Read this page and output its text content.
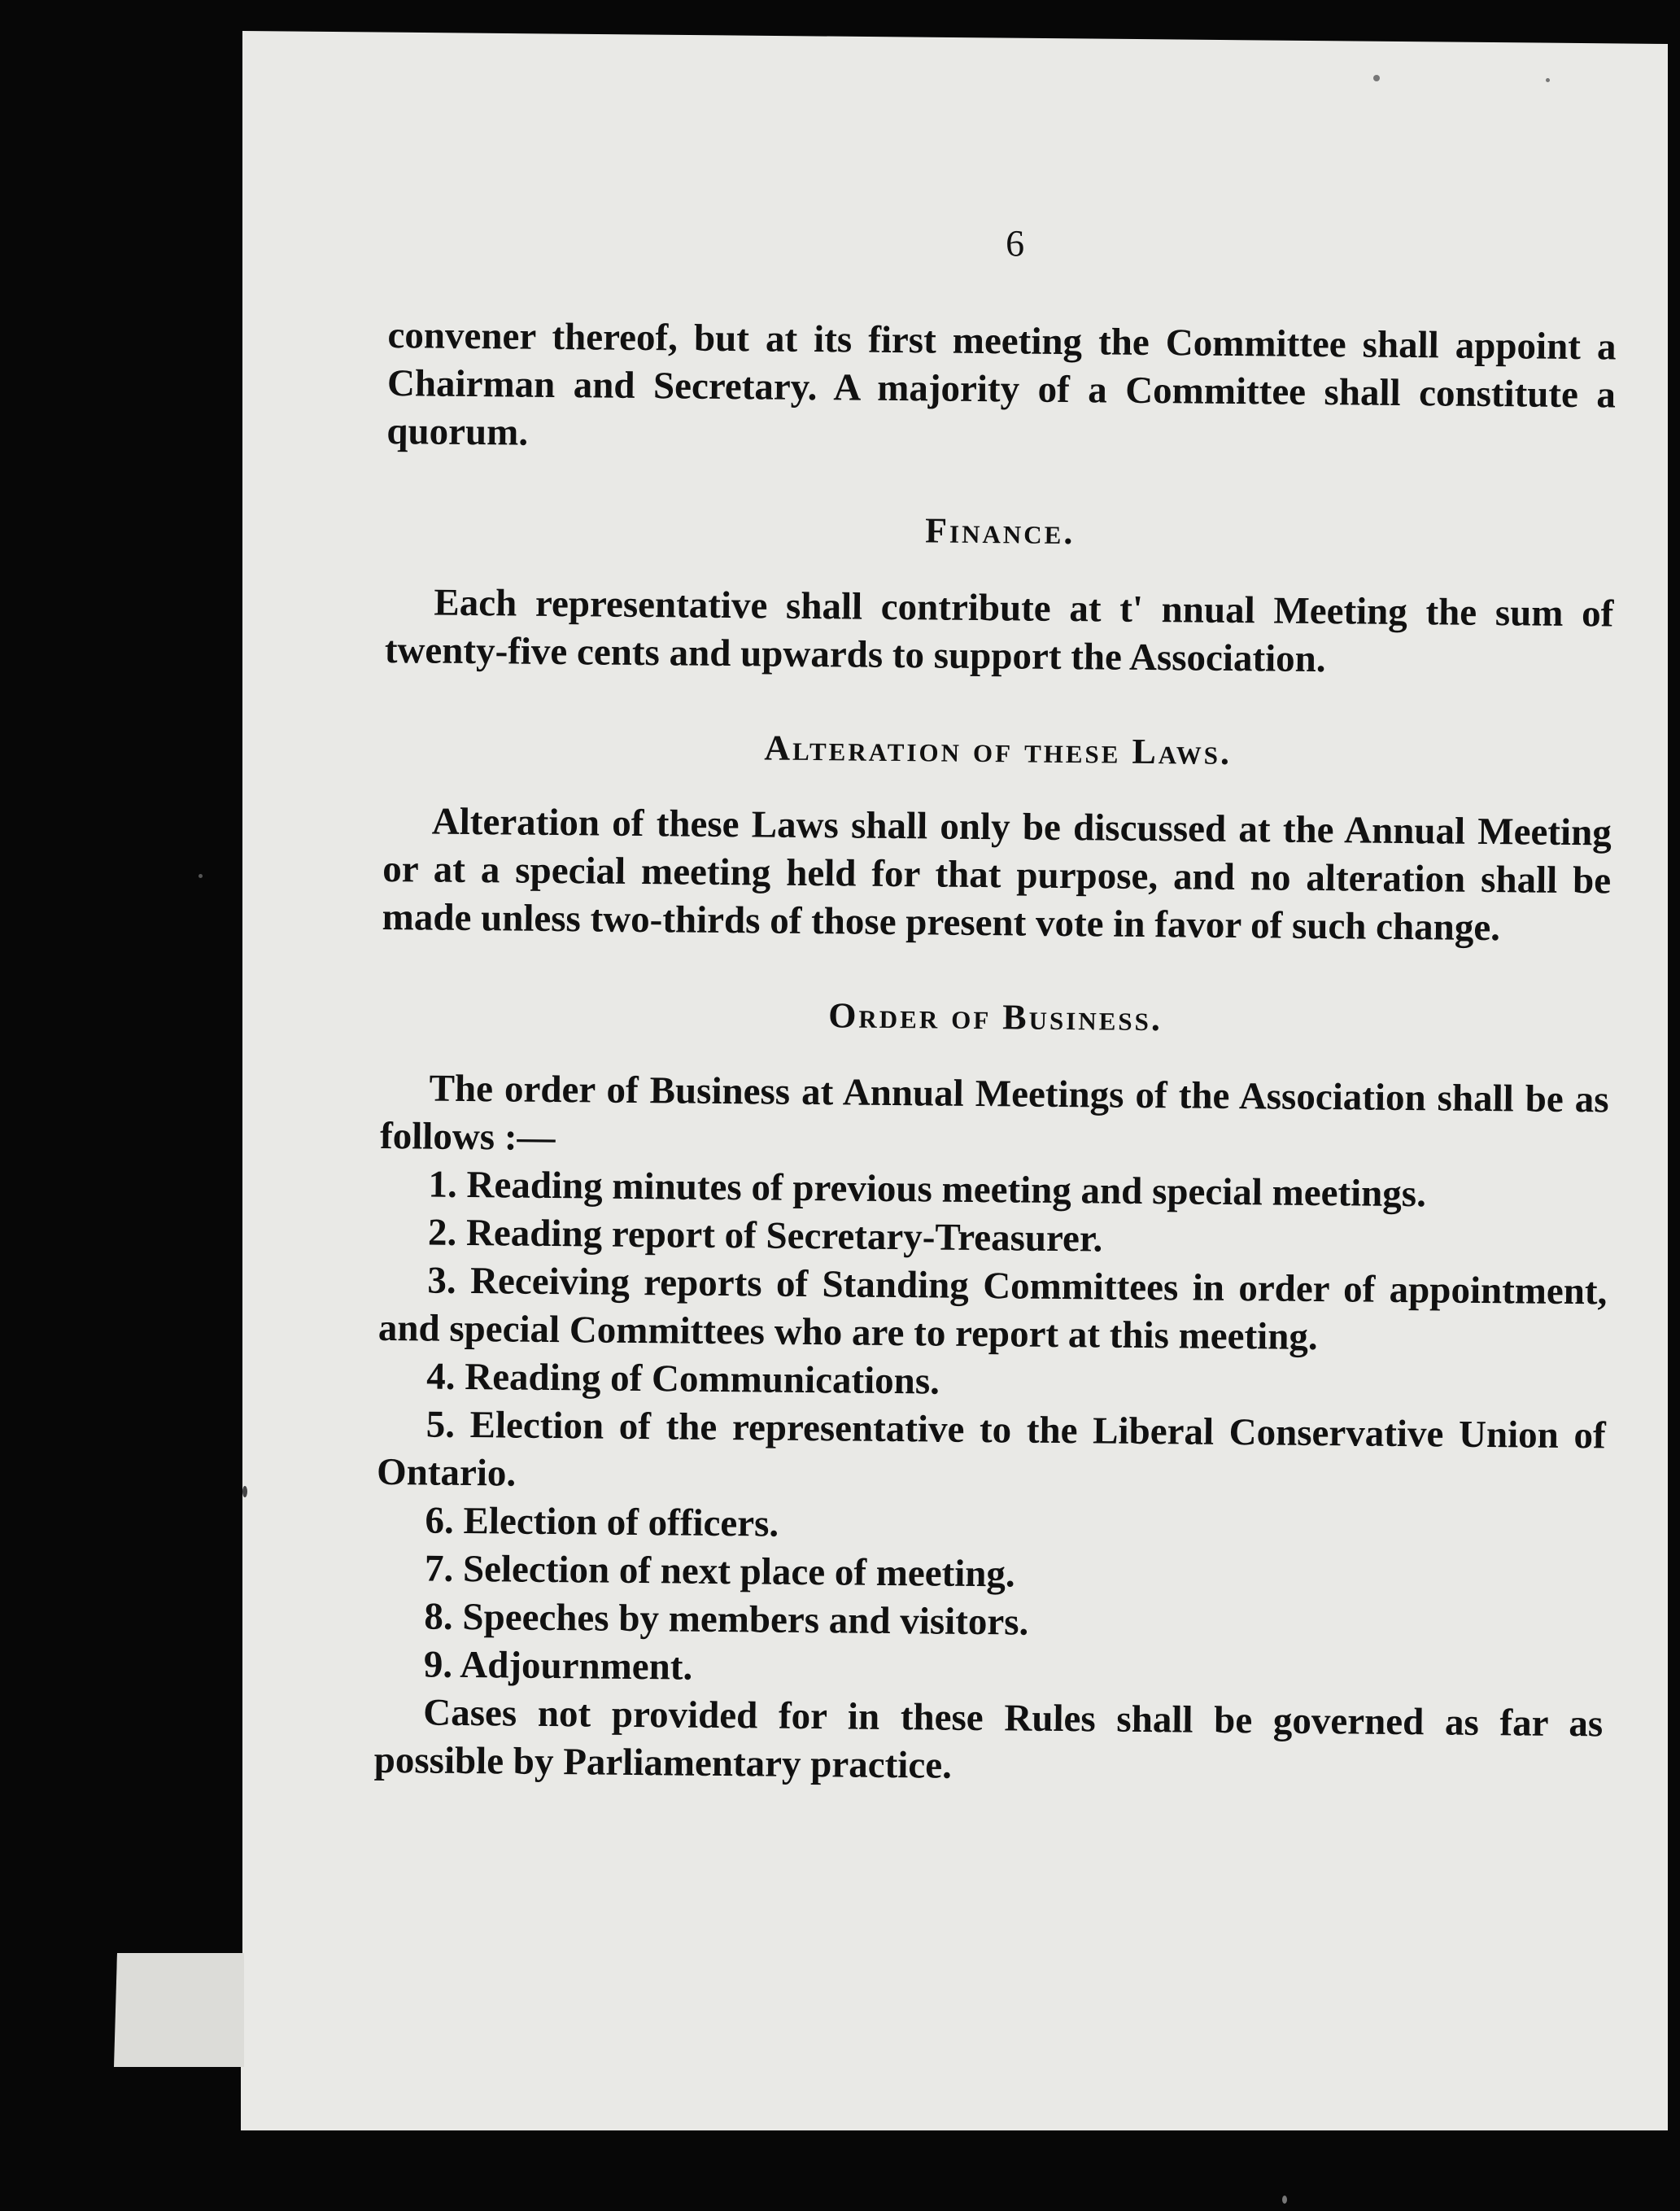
6

convener thereof, but at its first meeting the Committee shall appoint a Chairman and Secretary. A majority of a Committee shall constitute a quorum.

Finance.

Each representative shall contribute at t' nnual Meeting the sum of twenty-five cents and upwards to support the Association.

Alteration of these Laws.

Alteration of these Laws shall only be discussed at the Annual Meeting or at a special meeting held for that purpose, and no alteration shall be made unless two-thirds of those present vote in favor of such change.

Order of Business.

The order of Business at Annual Meetings of the Association shall be as follows :—

1. Reading minutes of previous meeting and special meetings.
2. Reading report of Secretary-Treasurer.
3. Receiving reports of Standing Committees in order of appointment, and special Committees who are to report at this meeting.
4. Reading of Communications.
5. Election of the representative to the Liberal Conservative Union of Ontario.
6. Election of officers.
7. Selection of next place of meeting.
8. Speeches by members and visitors.
9. Adjournment.

Cases not provided for in these Rules shall be governed as far as possible by Parliamentary practice.
